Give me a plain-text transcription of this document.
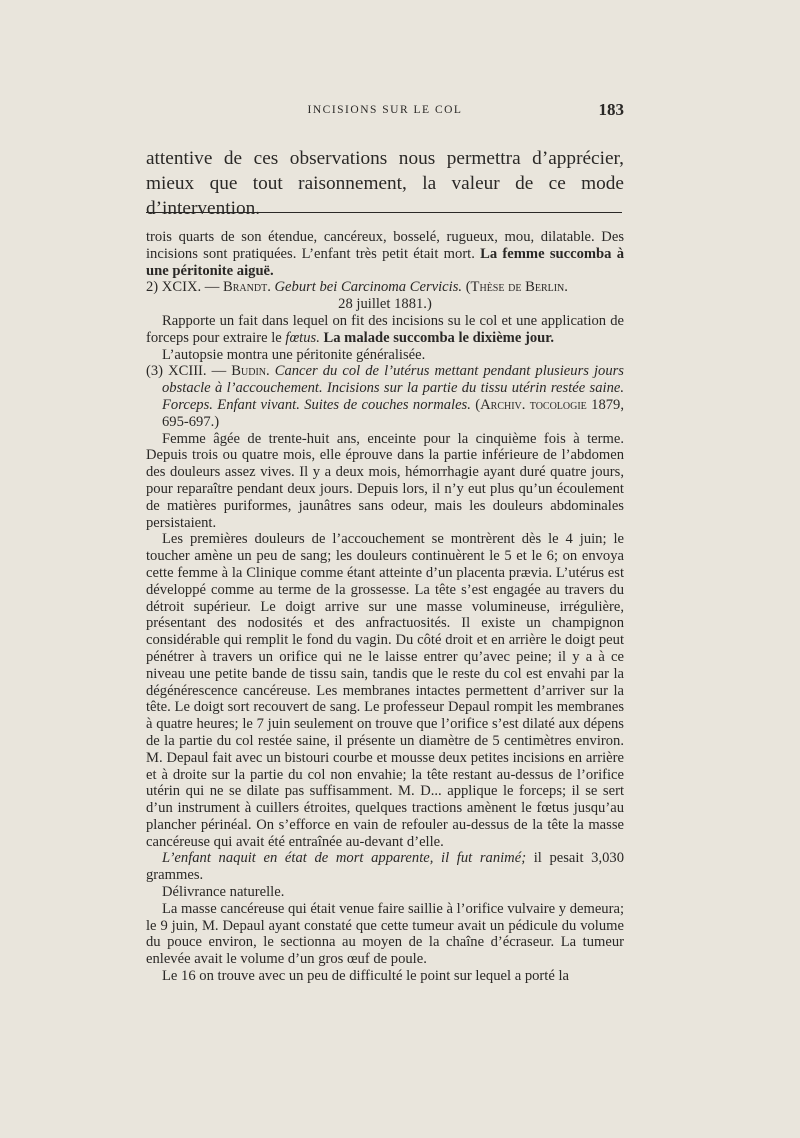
INCISIONS SUR LE COL	183
attentive de ces observations nous permettra d’apprécier, mieux que tout raisonnement, la valeur de ce mode d’intervention.

trois quarts de son étendue, cancéreux, bosselé, rugueux, mou, dilatable. Des incisions sont pratiquées. L’enfant très petit était mort. La femme succomba à une péritonite aiguë.

2) XCIX. — Brandt. Geburt bei Carcinoma Cervicis. (Thèse de Berlin.

28 juillet 1881.)

Rapporte un fait dans lequel on fit des incisions su le col et une application de forceps pour extraire le fœtus. La malade succomba le dixième jour.

L’autopsie montra une péritonite généralisée.

(3) XCIII. — Budin. Cancer du col de l’utérus mettant pendant plusieurs jours obstacle à l’accouchement. Incisions sur la partie du tissu utérin restée saine. Forceps. Enfant vivant. Suites de couches normales. (Archiv. tocologie 1879, 695-697.)

Femme âgée de trente-huit ans, enceinte pour la cinquième fois à terme. Depuis trois ou quatre mois, elle éprouve dans la partie inférieure de l’abdomen des douleurs assez vives. Il y a deux mois, hémorrhagie ayant duré quatre jours, pour reparaître pendant deux jours. Depuis lors, il n’y eut plus qu’un écoulement de matières puriformes, jaunâtres sans odeur, mais les douleurs abdominales persistaient.

Les premières douleurs de l’accouchement se montrèrent dès le 4 juin; le toucher amène un peu de sang; les douleurs continuèrent le 5 et le 6; on envoya cette femme à la Clinique comme étant atteinte d’un placenta prævia. L’utérus est développé comme au terme de la grossesse. La tête s’est engagée au travers du détroit supérieur. Le doigt arrive sur une masse volumineuse, irrégulière, présentant des nodosités et des anfractuosités. Il existe un champignon considérable qui remplit le fond du vagin. Du côté droit et en arrière le doigt peut pénétrer à travers un orifice qui ne le laisse entrer qu’avec peine; il y a à ce niveau une petite bande de tissu sain, tandis que le reste du col est envahi par la dégénérescence cancéreuse. Les membranes intactes permettent d’arriver sur la tête. Le doigt sort recouvert de sang. Le professeur Depaul rompit les membranes à quatre heures; le 7 juin seulement on trouve que l’orifice s’est dilaté aux dépens de la partie du col restée saine, il présente un diamètre de 5 centimètres environ. M. Depaul fait avec un bistouri courbe et mousse deux petites incisions en arrière et à droite sur la partie du col non envahie; la tête restant au-dessus de l’orifice utérin qui ne se dilate pas suffisamment. M. D... applique le forceps; il se sert d’un instrument à cuillers étroites, quelques tractions amènent le fœtus jusqu’au plancher périnéal. On s’efforce en vain de refouler au-dessus de la tête la masse cancéreuse qui avait été entraînée au-devant d’elle.

L’enfant naquit en état de mort apparente, il fut ranimé; il pesait 3,030 grammes.

Délivrance naturelle.

La masse cancéreuse qui était venue faire saillie à l’orifice vulvaire y demeura; le 9 juin, M. Depaul ayant constaté que cette tumeur avait un pédicule du volume du pouce environ, le sectionna au moyen de la chaîne d’écraseur. La tumeur enlevée avait le volume d’un gros œuf de poule.

Le 16 on trouve avec un peu de difficulté le point sur lequel a porté la
